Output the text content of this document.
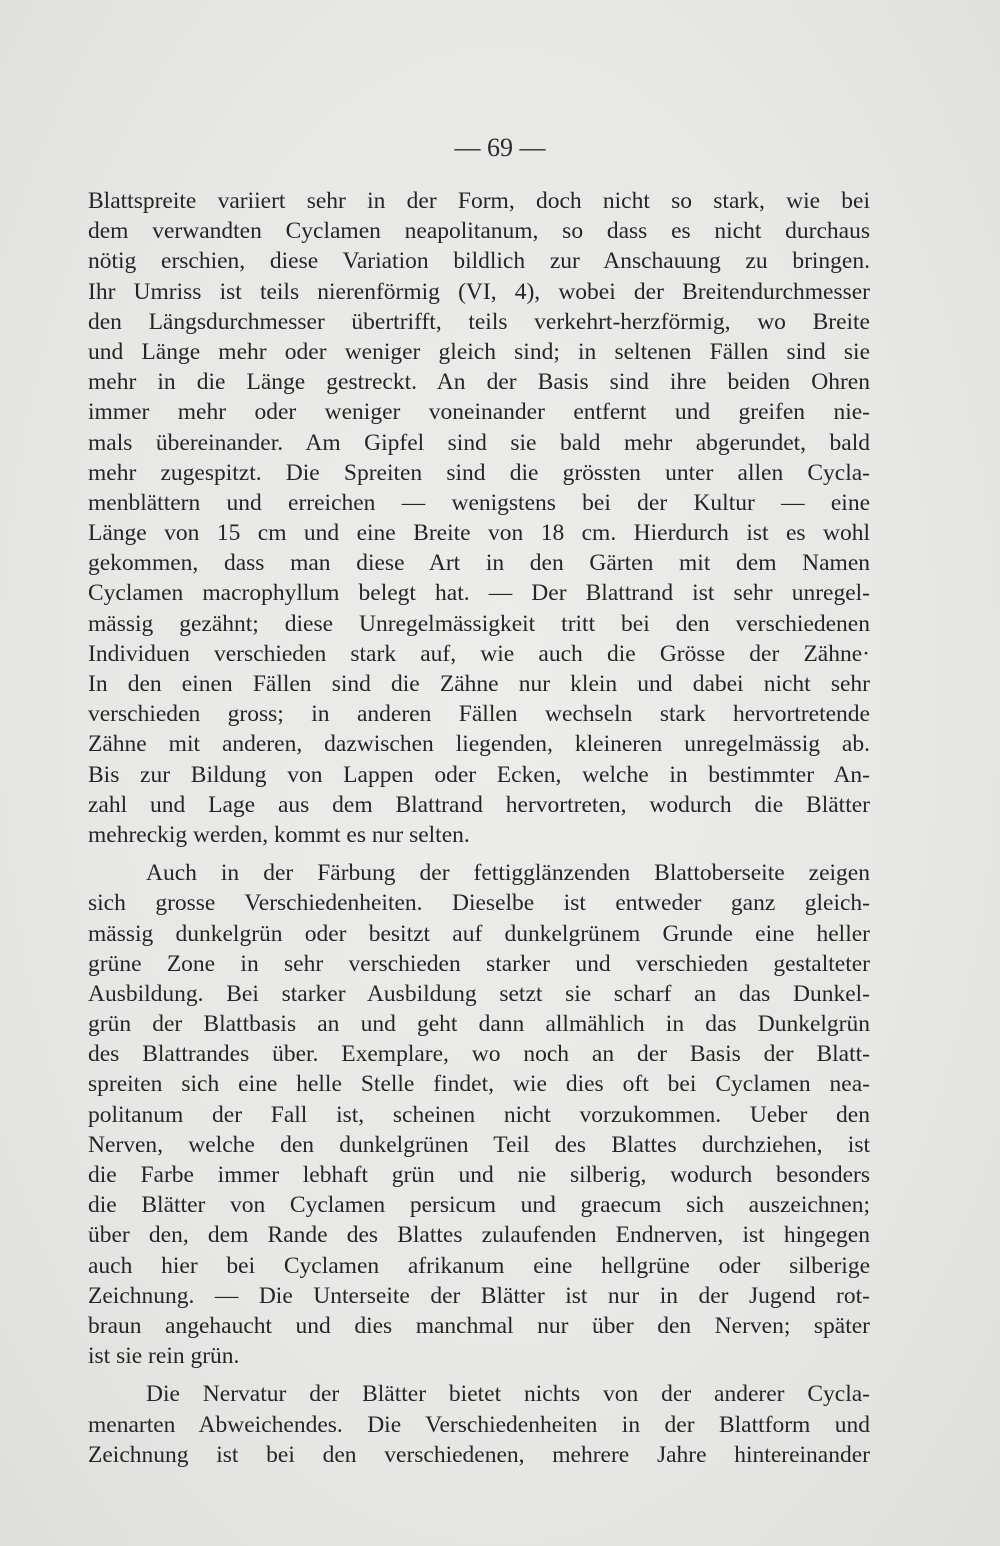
— 69 —
Blattspreite variiert sehr in der Form, doch nicht so stark, wie bei
dem verwandten Cyclamen neapolitanum, so dass es nicht durchaus
nötig erschien, diese Variation bildlich zur Anschauung zu bringen.
Ihr Umriss ist teils nierenförmig (VI, 4), wobei der Breitendurchmesser
den Längsdurchmesser übertrifft, teils verkehrt-herzförmig, wo Breite
und Länge mehr oder weniger gleich sind; in seltenen Fällen sind sie
mehr in die Länge gestreckt. An der Basis sind ihre beiden Ohren
immer mehr oder weniger voneinander entfernt und greifen nie-
mals übereinander. Am Gipfel sind sie bald mehr abgerundet, bald
mehr zugespitzt. Die Spreiten sind die grössten unter allen Cycla-
menblättern und erreichen — wenigstens bei der Kultur — eine
Länge von 15 cm und eine Breite von 18 cm. Hierdurch ist es wohl
gekommen, dass man diese Art in den Gärten mit dem Namen
Cyclamen macrophyllum belegt hat. — Der Blattrand ist sehr unregel-
mässig gezähnt; diese Unregelmässigkeit tritt bei den verschiedenen
Individuen verschieden stark auf, wie auch die Grösse der Zähne·
In den einen Fällen sind die Zähne nur klein und dabei nicht sehr
verschieden gross; in anderen Fällen wechseln stark hervortretende
Zähne mit anderen, dazwischen liegenden, kleineren unregelmässig ab.
Bis zur Bildung von Lappen oder Ecken, welche in bestimmter An-
zahl und Lage aus dem Blattrand hervortreten, wodurch die Blätter
mehreckig werden, kommt es nur selten.
Auch in der Färbung der fettigglänzenden Blattoberseite zeigen
sich grosse Verschiedenheiten. Dieselbe ist entweder ganz gleich-
mässig dunkelgrün oder besitzt auf dunkelgrünem Grunde eine heller
grüne Zone in sehr verschieden starker und verschieden gestalteter
Ausbildung. Bei starker Ausbildung setzt sie scharf an das Dunkel-
grün der Blattbasis an und geht dann allmählich in das Dunkelgrün
des Blattrandes über. Exemplare, wo noch an der Basis der Blatt-
spreiten sich eine helle Stelle findet, wie dies oft bei Cyclamen nea-
politanum der Fall ist, scheinen nicht vorzukommen. Ueber den
Nerven, welche den dunkelgrünen Teil des Blattes durchziehen, ist
die Farbe immer lebhaft grün und nie silberig, wodurch besonders
die Blätter von Cyclamen persicum und graecum sich auszeichnen;
über den, dem Rande des Blattes zulaufenden Endnerven, ist hingegen
auch hier bei Cyclamen afrikanum eine hellgrüne oder silberige
Zeichnung. — Die Unterseite der Blätter ist nur in der Jugend rot-
braun angehaucht und dies manchmal nur über den Nerven; später
ist sie rein grün.
Die Nervatur der Blätter bietet nichts von der anderer Cycla-
menarten Abweichendes. Die Verschiedenheiten in der Blattform und
Zeichnung ist bei den verschiedenen, mehrere Jahre hintereinander
